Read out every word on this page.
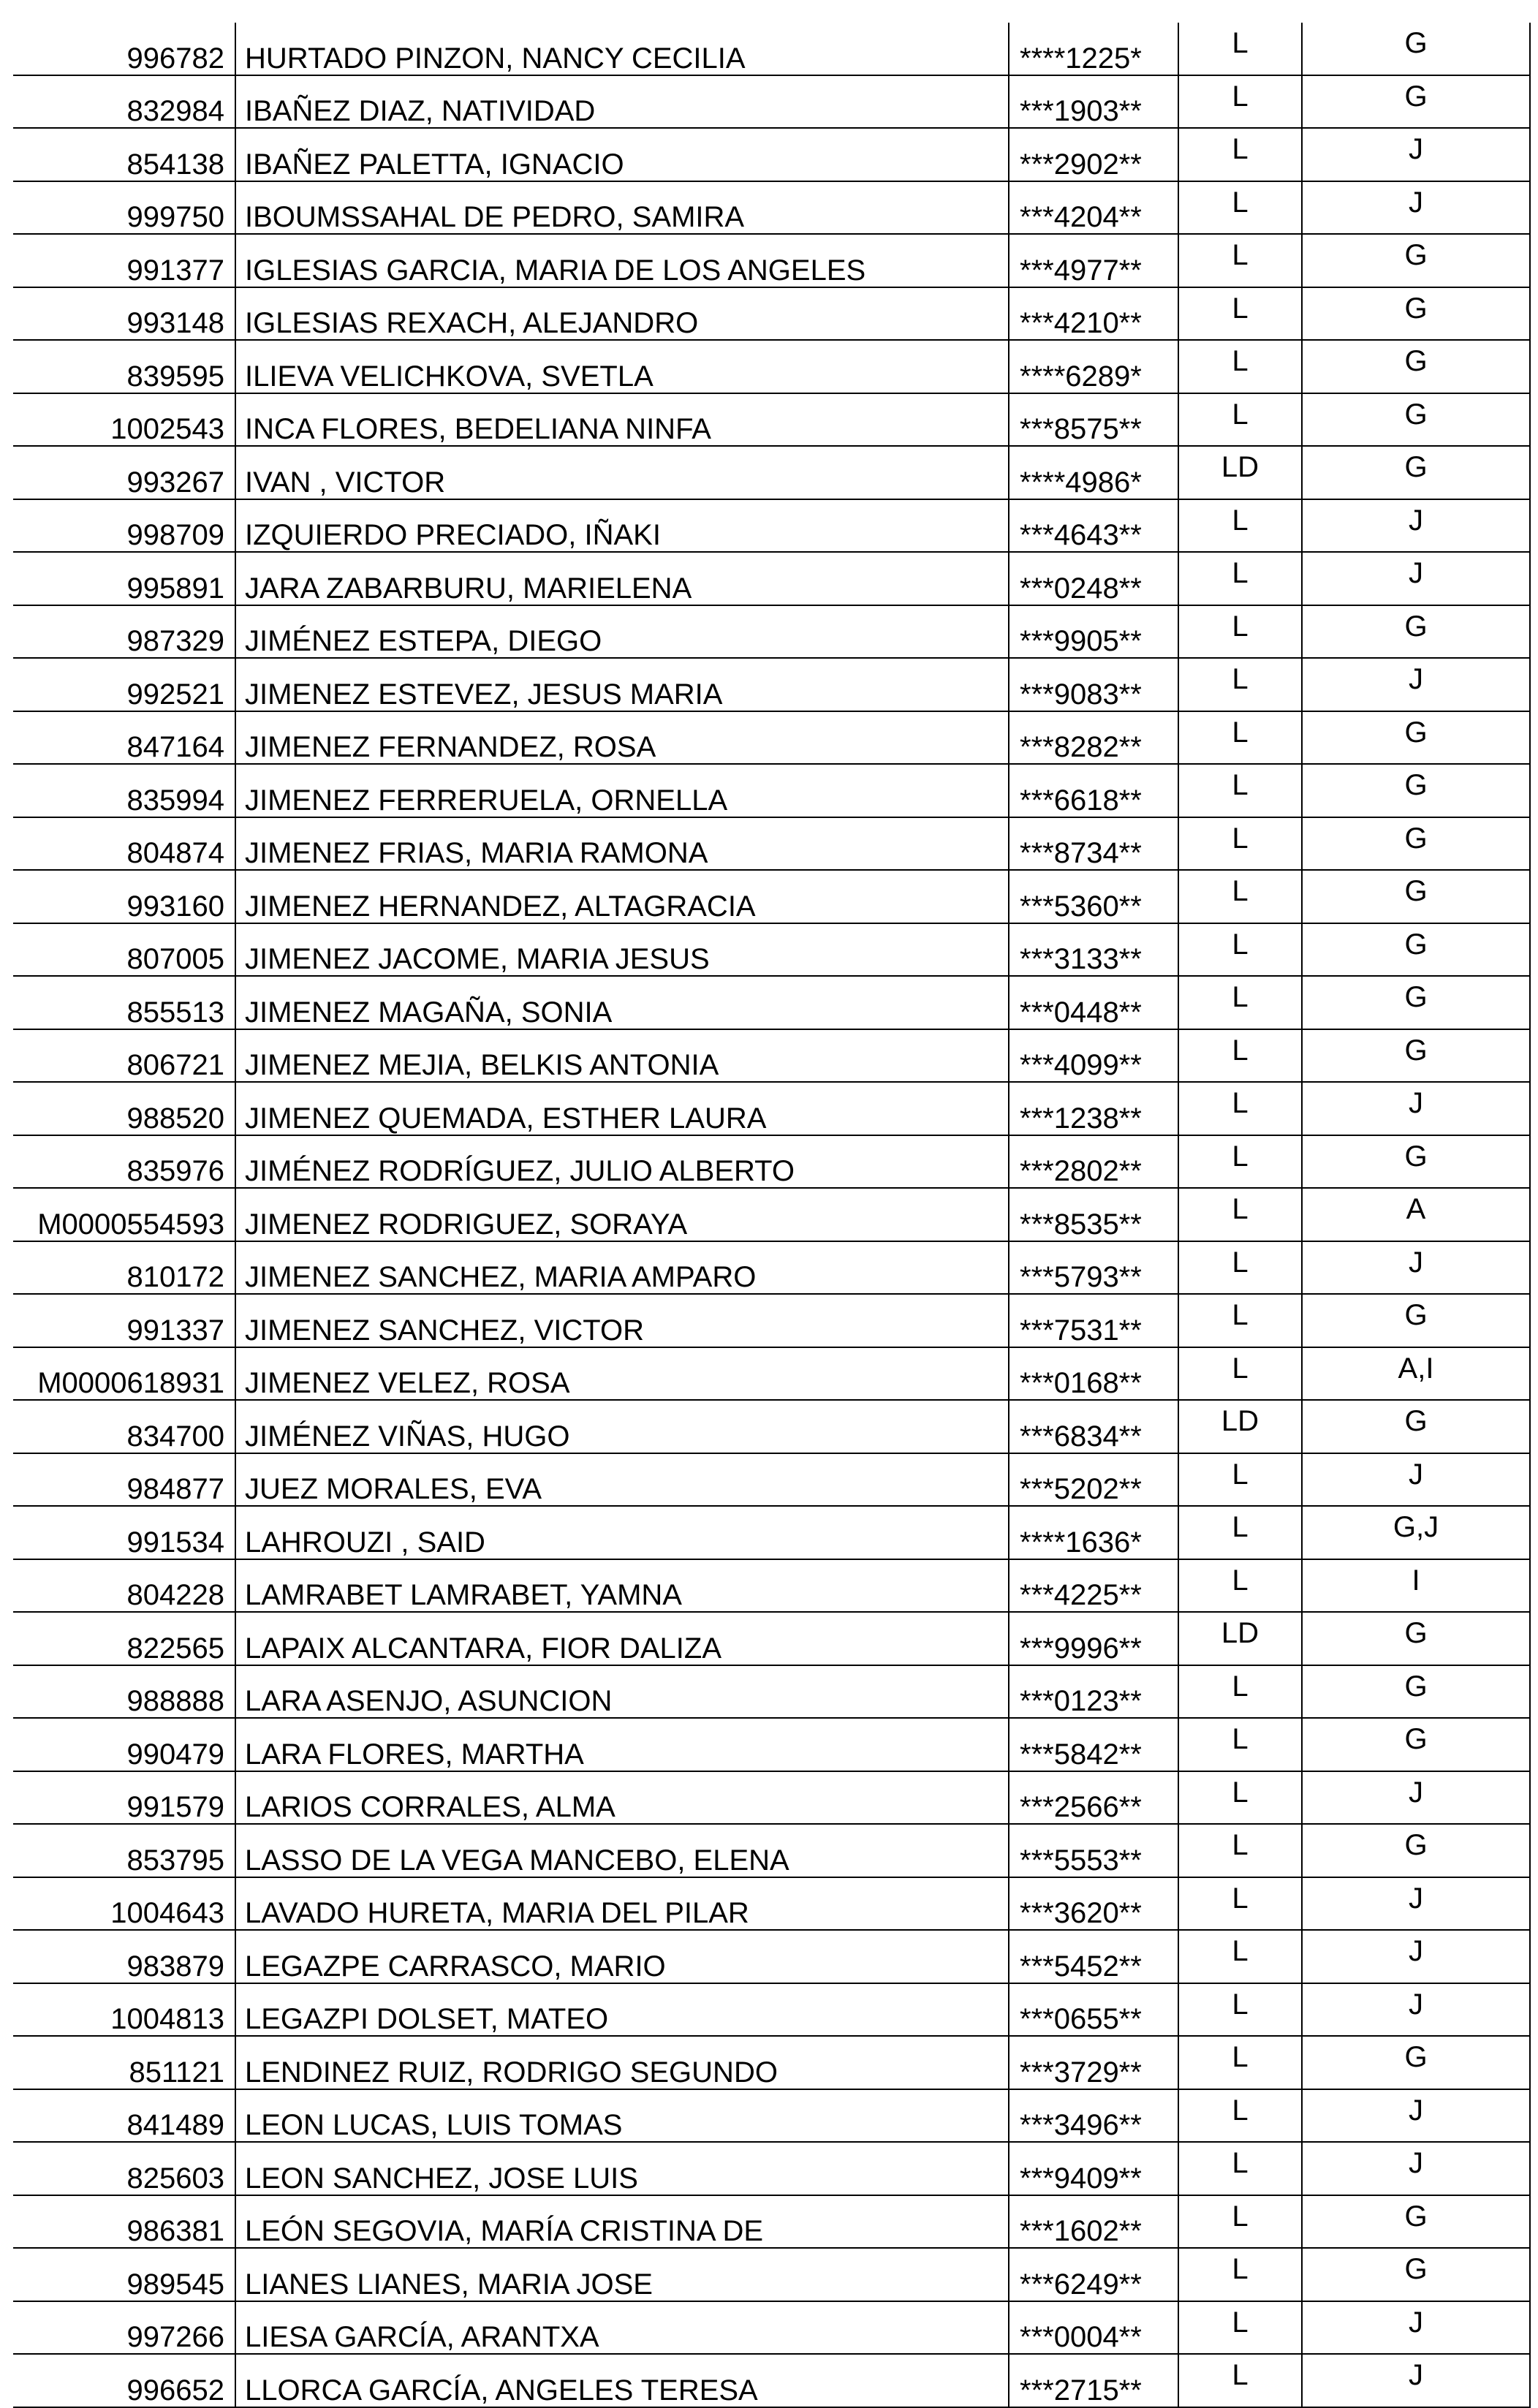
996782	HURTADO PINZON, NANCY CECILIA	****1225*	L	G
832984	IBAÑEZ DIAZ, NATIVIDAD	***1903**	L	G
854138	IBAÑEZ PALETTA, IGNACIO	***2902**	L	J
999750	IBOUMSSAHAL DE PEDRO, SAMIRA	***4204**	L	J
991377	IGLESIAS GARCIA, MARIA DE LOS ANGELES	***4977**	L	G
993148	IGLESIAS REXACH, ALEJANDRO	***4210**	L	G
839595	ILIEVA VELICHKOVA, SVETLA	****6289*	L	G
1002543	INCA FLORES, BEDELIANA NINFA	***8575**	L	G
993267	IVAN , VICTOR	****4986*	LD	G
998709	IZQUIERDO PRECIADO, IÑAKI	***4643**	L	J
995891	JARA ZABARBURU, MARIELENA	***0248**	L	J
987329	JIMÉNEZ ESTEPA, DIEGO	***9905**	L	G
992521	JIMENEZ ESTEVEZ, JESUS MARIA	***9083**	L	J
847164	JIMENEZ FERNANDEZ, ROSA	***8282**	L	G
835994	JIMENEZ FERRERUELA, ORNELLA	***6618**	L	G
804874	JIMENEZ FRIAS, MARIA RAMONA	***8734**	L	G
993160	JIMENEZ HERNANDEZ, ALTAGRACIA	***5360**	L	G
807005	JIMENEZ JACOME, MARIA JESUS	***3133**	L	G
855513	JIMENEZ MAGAÑA, SONIA	***0448**	L	G
806721	JIMENEZ MEJIA, BELKIS ANTONIA	***4099**	L	G
988520	JIMENEZ QUEMADA, ESTHER LAURA	***1238**	L	J
835976	JIMÉNEZ RODRÍGUEZ, JULIO ALBERTO	***2802**	L	G
M0000554593	JIMENEZ RODRIGUEZ, SORAYA	***8535**	L	A
810172	JIMENEZ SANCHEZ, MARIA AMPARO	***5793**	L	J
991337	JIMENEZ SANCHEZ, VICTOR	***7531**	L	G
M0000618931	JIMENEZ VELEZ, ROSA	***0168**	L	A,I
834700	JIMÉNEZ VIÑAS, HUGO	***6834**	LD	G
984877	JUEZ MORALES, EVA	***5202**	L	J
991534	LAHROUZI , SAID	****1636*	L	G,J
804228	LAMRABET LAMRABET, YAMNA	***4225**	L	I
822565	LAPAIX ALCANTARA, FIOR DALIZA	***9996**	LD	G
988888	LARA ASENJO, ASUNCION	***0123**	L	G
990479	LARA FLORES, MARTHA	***5842**	L	G
991579	LARIOS CORRALES, ALMA	***2566**	L	J
853795	LASSO DE LA VEGA MANCEBO, ELENA	***5553**	L	G
1004643	LAVADO HURETA, MARIA DEL PILAR	***3620**	L	J
983879	LEGAZPE CARRASCO, MARIO	***5452**	L	J
1004813	LEGAZPI DOLSET, MATEO	***0655**	L	J
851121	LENDINEZ RUIZ, RODRIGO SEGUNDO	***3729**	L	G
841489	LEON LUCAS, LUIS TOMAS	***3496**	L	J
825603	LEON SANCHEZ, JOSE LUIS	***9409**	L	J
986381	LEÓN SEGOVIA, MARÍA CRISTINA DE	***1602**	L	G
989545	LIANES LIANES, MARIA JOSE	***6249**	L	G
997266	LIESA GARCÍA, ARANTXA	***0004**	L	J
996652	LLORCA GARCÍA, ANGELES TERESA	***2715**	L	J
